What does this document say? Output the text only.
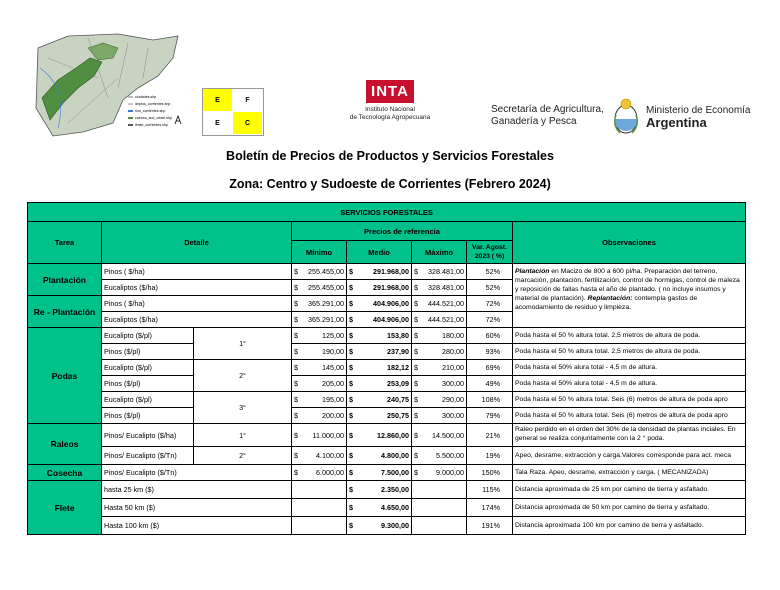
ciudades.shp
deptos_corrientes.shp
rios_corrientes.shp
cuenca_sud_oeste.shp
limite_corrientes.shp
E	F
E	C
INTA
Instituto Nacional
de Tecnología Agropecuaria
Secretaría de Agricultura,
Ganadería y Pesca
Ministerio de Economía
Argentina
Boletín de Precios de Productos y Servicios Forestales
Zona: Centro y Sudoeste de Corrientes (Febrero 2024)
SERVICIOS FORESTALES							
Tarea	Detalle		Precios de referencia				Observaciones
			Mínimo	Medio	Máximo	Var. Agost.
2023 ( %)	

Plantación	Pinos ( $/ha)		$ 255.455,00	$ 291.968,00	$ 328.481,00	52%	Plantación en Macizo de 800 a 600 pl/ha. Preparación del terreno, marcación, plantación, fertilización, control de hormigas, control de maleza y reposición de fallas hasta el año de plantado. ( no incluye insumos y material de plantación). Replantación: contempla gastos de acomodamiento de residuo y limpieza.
	Eucaliptos ($/ha)		$ 255.455,00	$ 291.968,00	$ 328.481,00	52%	
Re - Plantación	Pinos ( $/ha)		$ 365.291,00	$ 404.906,00	$ 444.521,00	72%	
	Eucaliptos ($/ha)		$ 365.291,00	$ 404.906,00	$ 444.521,00	72%	
Podas	Eucalipto ($/pl)	1°	$ 125,00	$ 153,80	$ 180,00	60%	Poda hasta el 50 % altura total. 2,5 metros de altura de poda.
	Pinos ($/pl)		$ 190,00	$ 237,90	$ 280,00	93%	Poda hasta el 50 % altura total. 2,5 metros de altura de poda.
	Eucalipto ($/pl)	2°	$ 145,00	$ 182,12	$ 210,00	69%	Poda hasta el 50% alura total - 4,5 m de altura.
	Pinos ($/pl)		$ 205,00	$ 253,09	$ 300,00	49%	Poda hasta el 50% alura total - 4,5 m de altura.
	Eucalipto ($/pl)	3°	$ 195,00	$ 240,75	$ 290,00	108%	Poda hasta el 50 % altura total. Seis (6) metros de altura de poda apro
	Pinos ($/pl)		$ 200,00	$ 250,75	$ 300,00	79%	Poda hasta el 50 % altura total. Seis (6) metros de altura de poda apro
Raleos	Pinos/ Eucalipto ($/ha)	1°	$ 11.000,00	$ 12.860,00	$ 14.500,00	21%	Raleo perdido en el orden del 30% de la densidad de plantas inciales. En general se realiza conjuntamente con la 2 ° poda.
	Pinos/ Eucalipto ($/Tn)	2°	$ 4.100,00	$ 4.800,00	$ 5.500,00	19%	Apeo, desrame, extracción y carga.Valores corresponde para act. meca
Cosecha	Pinos/ Eucalipto ($/Tn)		$ 6.000,00	$ 7.500,00	$ 9.000,00	150%	Tala Raza. Apeo, desrame, extracción y carga. ( MECANIZADA)
Flete	hasta 25 km ($)			$ 2.350,00		115%	Distancia aproximada de 25 km por camino de tierra y asfaltado.
	Hasta 50 km ($)			$ 4.650,00		174%	Distancia aproximada de 50 km por camino de tierra y asfaltado.
	Hasta 100 km ($)			$ 9.300,00		191%	Distancia aproximada 100 km por camino de tierra y asfaltado.
